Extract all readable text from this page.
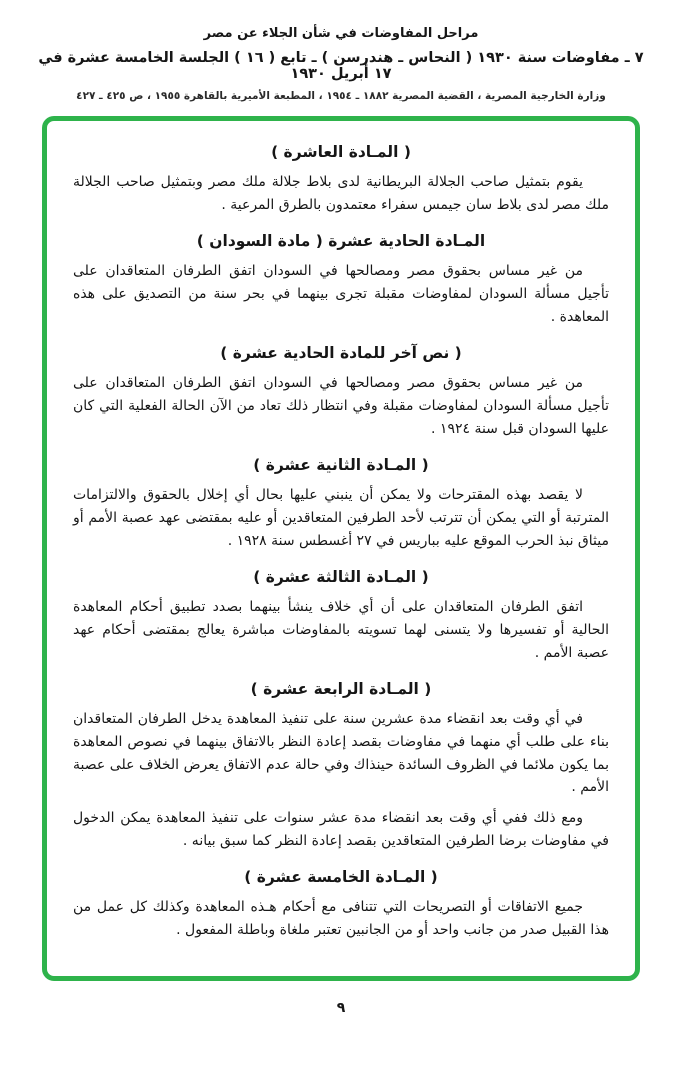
مراحل المفاوضات في شأن الجلاء عن مصر
٧ ـ مفاوضات سنة ١٩٣٠ ( النحاس ـ هندرسن ) ـ تابع ( ١٦ ) الجلسة الخامسة عشرة في ١٧ أبريل ١٩٣٠
وزارة الخارجية المصرية ، القضية المصرية ١٨٨٢ ـ ١٩٥٤ ، المطبعة الأميرية بالقاهرة ١٩٥٥ ، ص ٤٢٥ ـ ٤٢٧
( المـادة العاشرة )

يقوم بتمثيل صاحب الجلالة البريطانية لدى بلاط جلالة ملك مصر وبتمثيل صاحب الجلالة ملك مصر لدى بلاط سان جيمس سفراء معتمدون بالطرق المرعية .

المـادة الحادية عشرة ( مادة السودان )

من غير مساس بحقوق مصر ومصالحها في السودان اتفق الطرفان المتعاقدان على تأجيل مسألة السودان لمفاوضات مقبلة تجرى بينهما في بحر سنة من التصديق على هذه المعاهدة .

( نص آخر للمادة الحادية عشرة )

من غير مساس بحقوق مصر ومصالحها في السودان اتفق الطرفان المتعاقدان على تأجيل مسألة السودان لمفاوضات مقبلة وفي انتظار ذلك تعاد من الآن الحالة الفعلية التي كان عليها السودان قبل سنة ١٩٢٤ .

( المـادة الثانية عشرة )

لا يقصد بهذه المقترحات ولا يمكن أن ينبني عليها بحال أي إخلال بالحقوق والالتزامات المترتبة أو التي يمكن أن تترتب لأحد الطرفين المتعاقدين أو عليه بمقتضى عهد عصبة الأمم أو ميثاق نبذ الحرب الموقع عليه بباريس في ٢٧ أغسطس سنة ١٩٢٨ .

( المـادة الثالثة عشرة )

اتفق الطرفان المتعاقدان على أن أي خلاف ينشأ بينهما بصدد تطبيق أحكام المعاهدة الحالية أو تفسيرها ولا يتسنى لهما تسويته بالمفاوضات مباشرة يعالج بمقتضى أحكام عهد عصبة الأمم .

( المـادة الرابعة عشرة )

في أي وقت بعد انقضاء مدة عشرين سنة على تنفيذ المعاهدة يدخل الطرفان المتعاقدان بناء على طلب أي منهما في مفاوضات بقصد إعادة النظر بالاتفاق بينهما في نصوص المعاهدة بما يكون ملائما في الظروف السائدة حينذاك وفي حالة عدم الاتفاق يعرض الخلاف على عصبة الأمم .

ومع ذلك ففي أي وقت بعد انقضاء مدة عشر سنوات على تنفيذ المعاهدة يمكن الدخول في مفاوضات برضا الطرفين المتعاقدين بقصد إعادة النظر كما سبق بيانه .

( المـادة الخامسة عشرة )

جميع الاتفاقات أو التصريحات التي تتنافى مع أحكام هـذه المعاهدة وكذلك كل عمل من هذا القبيل صدر من جانب واحد أو من الجانبين تعتبر ملغاة وباطلة المفعول .

٩
